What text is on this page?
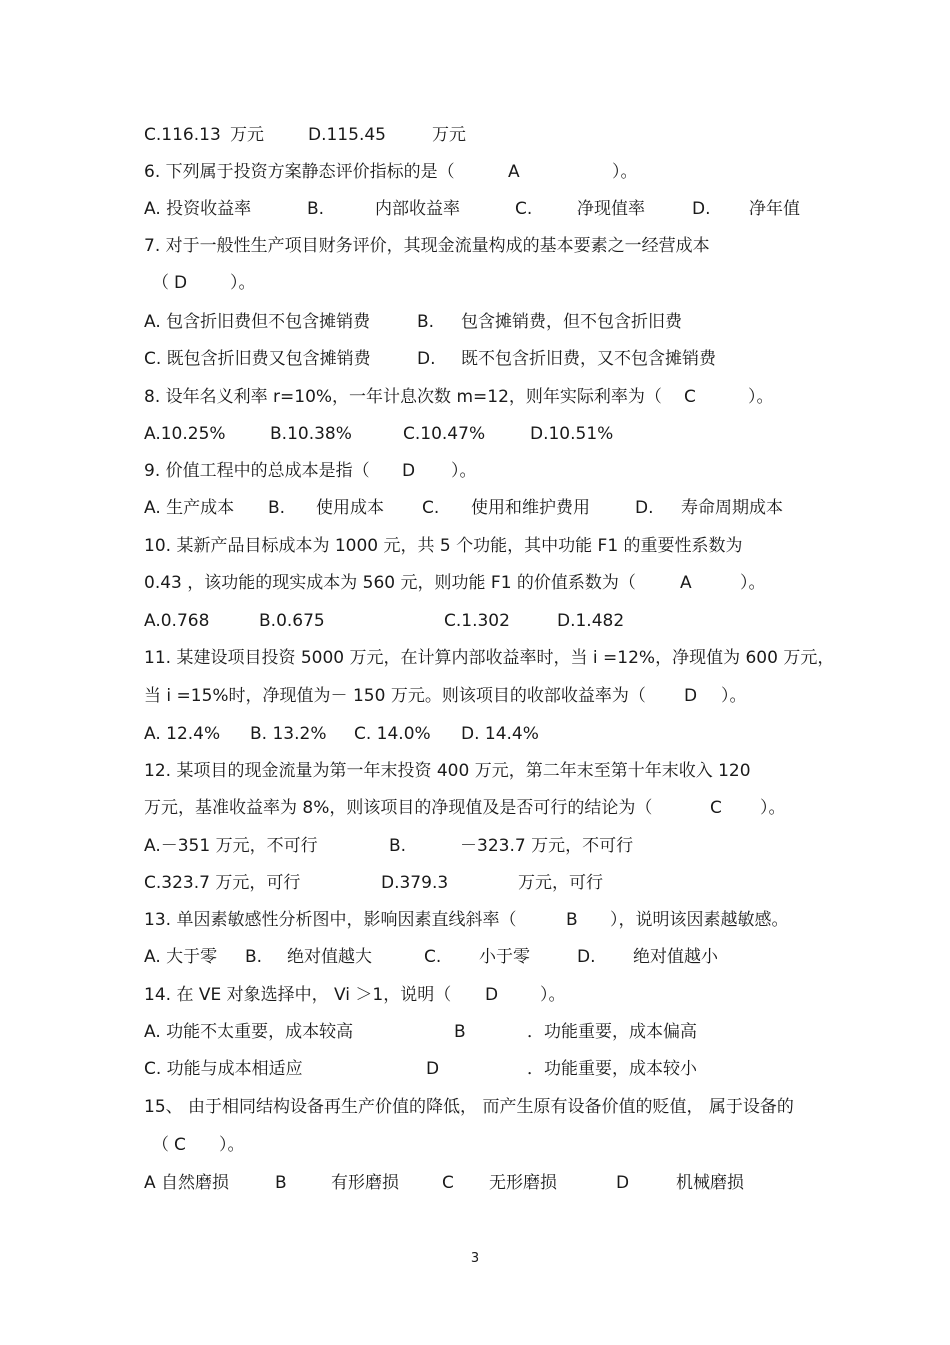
C.116.13 万元	D.115.45	万元
6. 下列属于投资方案静态评价指标的是（	A	）。
A. 投资收益率	B.	内部收益率	C.	净现值率	D. 净年值
7. 对于一般性生产项目财务评价，其现金流量构成的基本要素之一经营成本
（ D	）。
A. 包含折旧费但不包含摊销费	B. 包含摊销费，但不包含折旧费
C. 既包含折旧费又包含摊销费	D. 既不包含折旧费，又不包含摊销费
8. 设年名义利率 r=10%，一年计息次数 m=12，则年实际利率为（ C	）。
A.10.25%	B.10.38%	C.10.47%	D.10.51%
9. 价值工程中的总成本是指（ D ）。
A. 生产成本 B. 使用成本 C. 使用和维护费用	D. 寿命周期成本
10. 某新产品目标成本为 1000 元，共 5 个功能，其中功能 F1 的重要性系数为
0.43 ，该功能的现实成本为 560 元，则功能 F1 的价值系数为（	A	）。
A.0.768	B.0.675	C.1.302	D.1.482
11. 某建设项目投资 5000 万元，在计算内部收益率时，当 i =12%，净现值为 600 万元，
当 i =15%时，净现值为－ 150 万元。则该项目的收部收益率为（ D ）。
A. 12.4% B. 13.2% C. 14.0% D. 14.4%
12. 某项目的现金流量为第一年末投资 400 万元，第二年末至第十年末收入 120
万元，基准收益率为 8%，则该项目的净现值及是否可行的结论为（	C ）。
A.－351 万元，不可行	B.	－323.7 万元，不可行
C.323.7 万元，可行	D.379.3	万元，可行
13. 单因素敏感性分析图中，影响因素直线斜率（	B ），说明该因素越敏感。
A. 大于零 B. 绝对值越大	C. 小于零	D. 绝对值越小
14. 在 VE 对象选择中， Vi ＞1，说明（ D ）。
A. 功能不太重要，成本较高	B	．功能重要，成本偏高
C. 功能与成本相适应	D	．功能重要，成本较小
15、 由于相同结构设备再生产价值的降低， 而产生原有设备价值的贬值， 属于设备的
（ C ）。
A 自然磨损	B	有形磨损	C 无形磨损	D	机械磨损
3
